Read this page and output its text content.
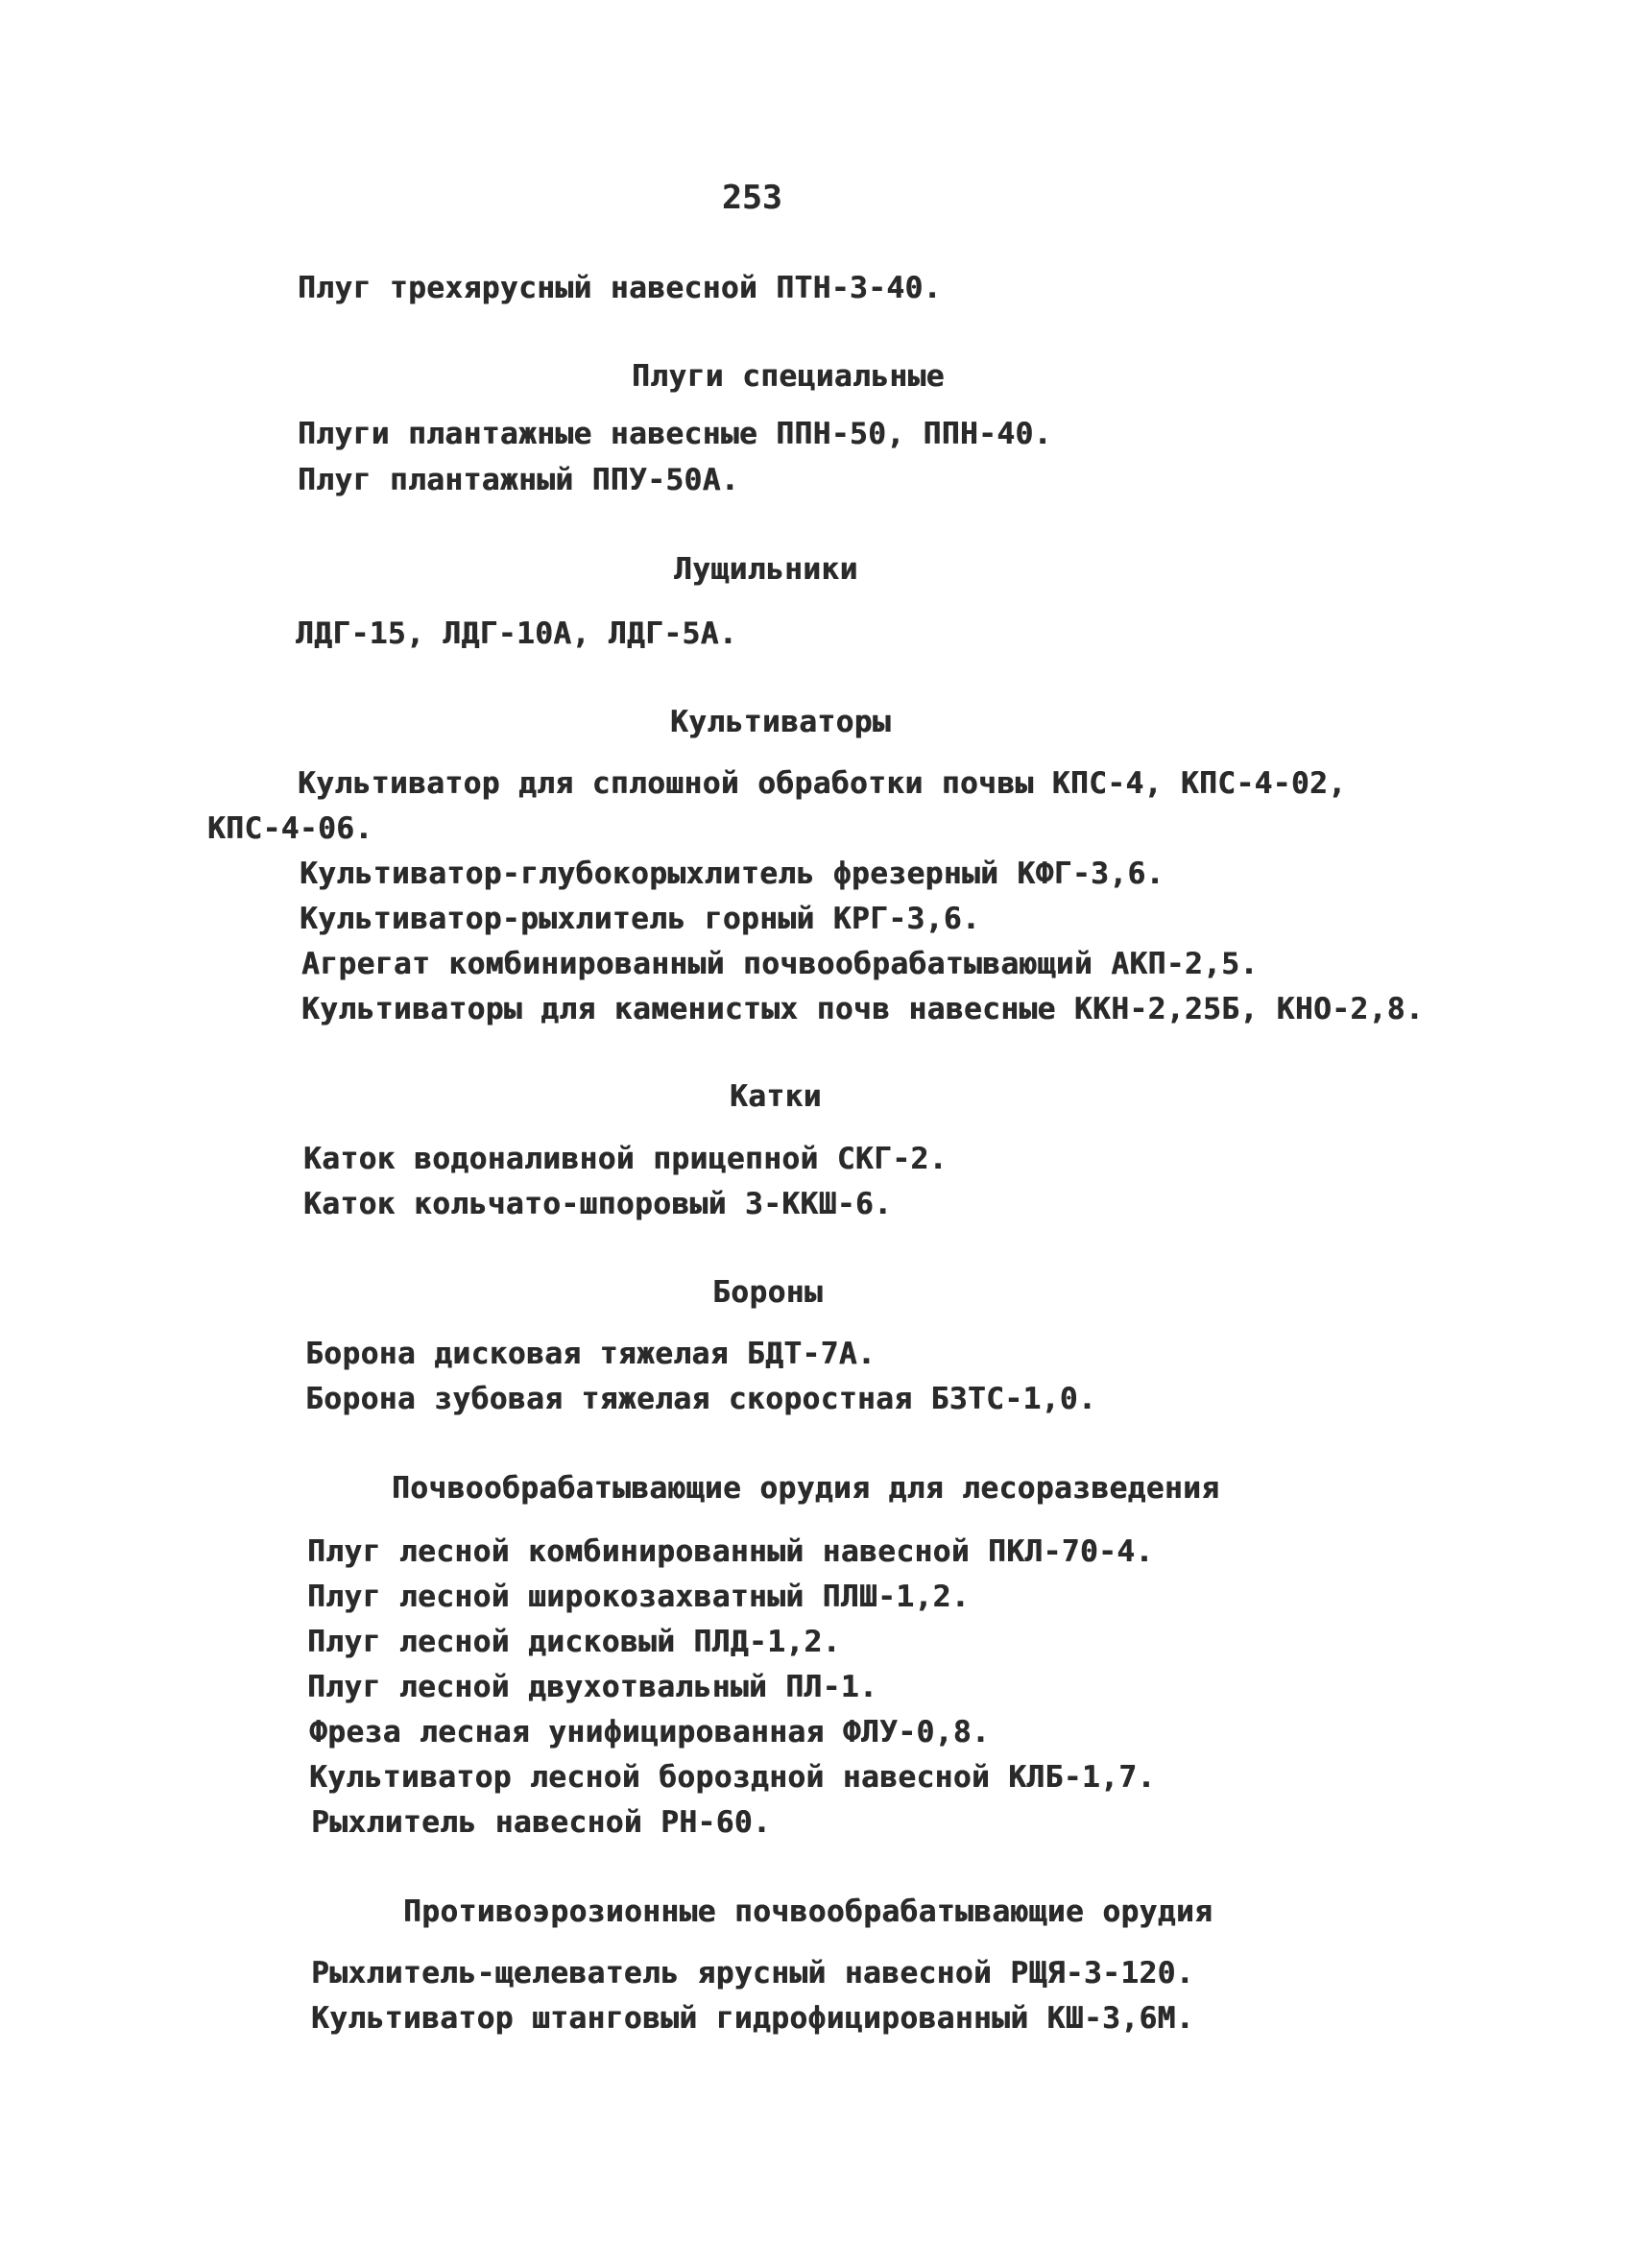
253
Плуг трехярусный навесной ПТН-3-40.
Плуги специальные
Плуги плантажные навесные ППН-50, ППН-40.
Плуг плантажный ППУ-50А.
Лущильники
ЛДГ-15, ЛДГ-10А, ЛДГ-5А.
Культиваторы
Культиватор для сплошной обработки почвы КПС-4, КПС-4-02,
КПС-4-06.
Культиватор-глубокорыхлитель фрезерный КФГ-3,6.
Культиватор-рыхлитель горный КРГ-3,6.
Агрегат комбинированный почвообрабатывающий АКП-2,5.
Культиваторы для каменистых почв навесные ККН-2,25Б, КНО-2,8.
Катки
Каток водоналивной прицепной СКГ-2.
Каток кольчато-шпоровый 3-ККШ-6.
Бороны
Борона дисковая тяжелая БДТ-7А.
Борона зубовая тяжелая скоростная БЗТС-1,0.
Почвообрабатывающие орудия для лесоразведения
Плуг лесной комбинированный навесной ПКЛ-70-4.
Плуг лесной широкозахватный ПЛШ-1,2.
Плуг лесной дисковый ПЛД-1,2.
Плуг лесной двухотвальный ПЛ-1.
Фреза лесная унифицированная ФЛУ-0,8.
Культиватор лесной бороздной навесной КЛБ-1,7.
Рыхлитель навесной РН-60.
Противоэрозионные почвообрабатывающие орудия
Рыхлитель-щелеватель ярусный навесной РЩЯ-3-120.
Культиватор штанговый гидрофицированный КШ-3,6М.
